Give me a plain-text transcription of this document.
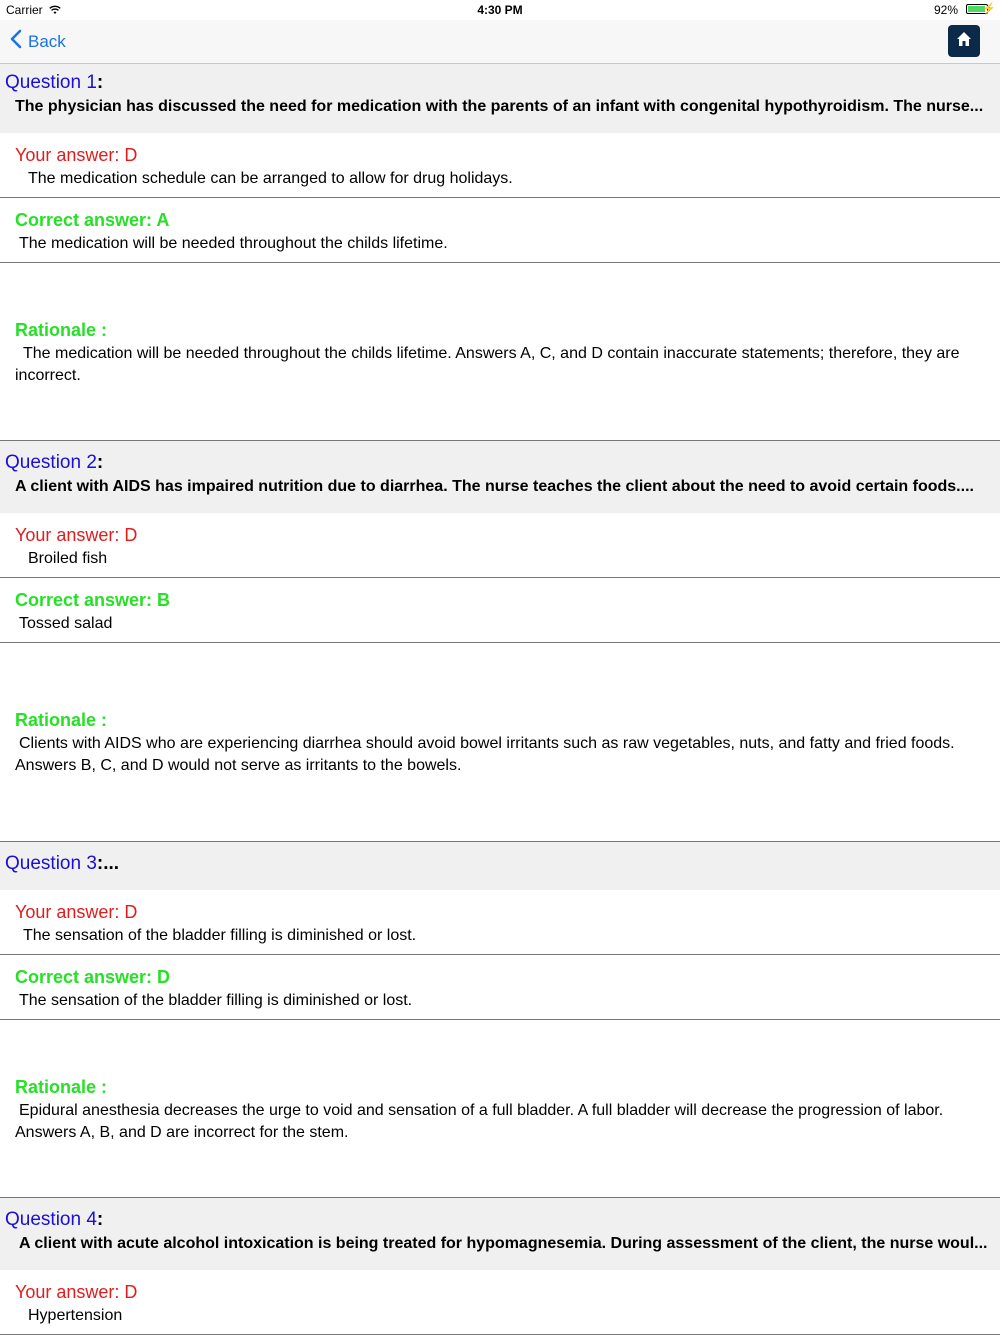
Carrier	4:30 PM	92% ⚡
Back
Question 1:
The physician has discussed the need for medication with the parents of an infant with congenital hypothyroidism. The nurse...
Your answer: D
The medication schedule can be arranged to allow for drug holidays.
Correct answer: A
The medication will be needed throughout the childs lifetime.
Rationale :
The medication will be needed throughout the childs lifetime. Answers A, C, and D contain inaccurate statements; therefore, they are incorrect.
Question 2:
A client with AIDS has impaired nutrition due to diarrhea. The nurse teaches the client about the need to avoid certain foods....
Your answer: D
Broiled fish
Correct answer: B
Tossed salad
Rationale :
Clients with AIDS who are experiencing diarrhea should avoid bowel irritants such as raw vegetables, nuts, and fatty and fried foods. Answers B, C, and D would not serve as irritants to the bowels.
Question 3:...
Your answer: D
The sensation of the bladder filling is diminished or lost.
Correct answer: D
The sensation of the bladder filling is diminished or lost.
Rationale :
Epidural anesthesia decreases the urge to void and sensation of a full bladder. A full bladder will decrease the progression of labor. Answers A, B, and D are incorrect for the stem.
Question 4:
A client with acute alcohol intoxication is being treated for hypomagnesemia. During assessment of the client, the nurse woul...
Your answer: D
Hypertension
